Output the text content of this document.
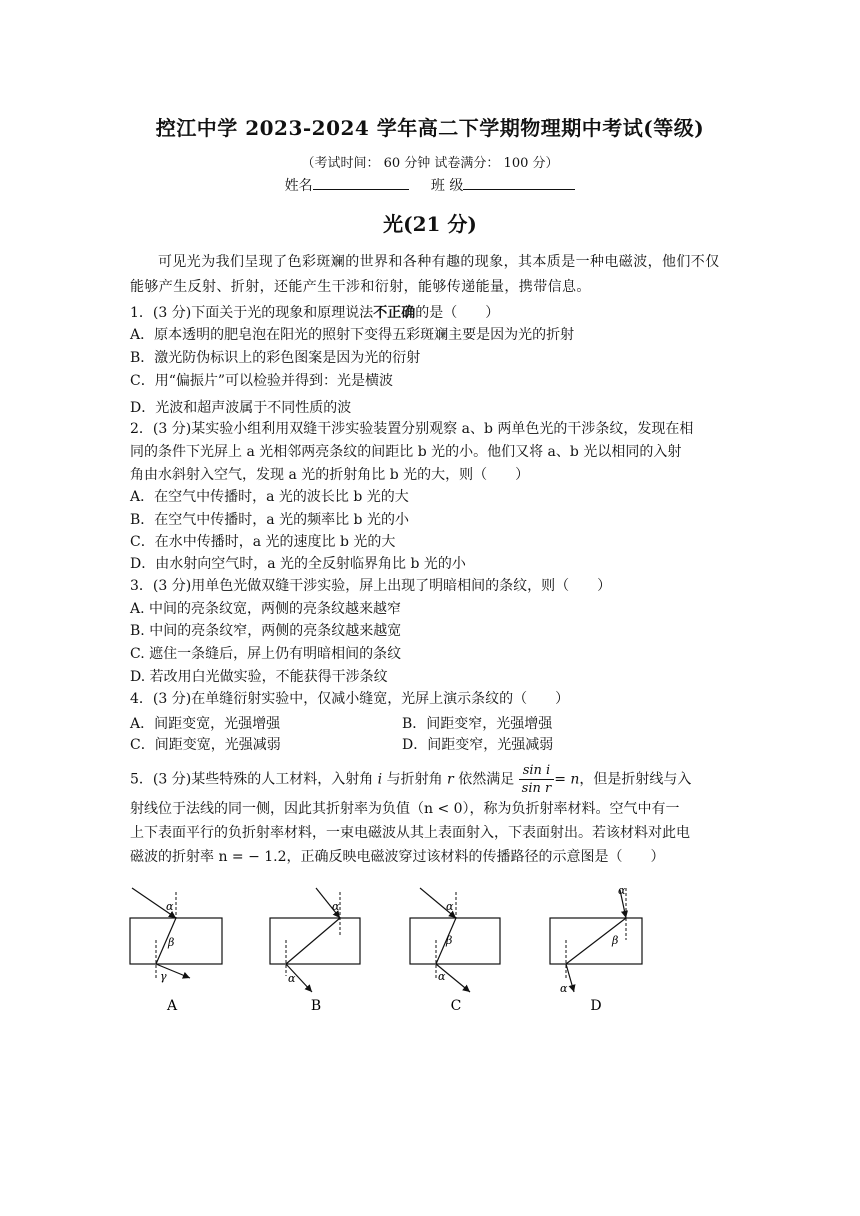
控江中学 2023-2024 学年高二下学期物理期中考试(等级)
（考试时间： 60 分钟 试卷满分： 100 分）
姓名	班 级
光(21 分)
可见光为我们呈现了色彩斑斓的世界和各种有趣的现象，其本质是一种电磁波，他们不仅能够产生反射、折射，还能产生干涉和衍射，能够传递能量，携带信息。
1．(3 分)下面关于光的现象和原理说法不正确的是（　　）
A．原本透明的肥皂泡在阳光的照射下变得五彩斑斓主要是因为光的折射
B．激光防伪标识上的彩色图案是因为光的衍射
C．用“偏振片”可以检验并得到：光是横波
D．光波和超声波属于不同性质的波
2．(3 分)某实验小组利用双缝干涉实验装置分别观察 a、b 两单色光的干涉条纹，发现在相
同的条件下光屏上 a 光相邻两亮条纹的间距比 b 光的小。他们又将 a、b 光以相同的入射
角由水斜射入空气，发现 a 光的折射角比 b 光的大，则（　　）
A．在空气中传播时，a 光的波长比 b 光的大
B．在空气中传播时，a 光的频率比 b 光的小
C．在水中传播时，a 光的速度比 b 光的大
D．由水射向空气时，a 光的全反射临界角比 b 光的小
3．(3 分)用单色光做双缝干涉实验，屏上出现了明暗相间的条纹，则（　　）
A. 中间的亮条纹宽，两侧的亮条纹越来越窄
B. 中间的亮条纹窄，两侧的亮条纹越来越宽
C. 遮住一条缝后，屏上仍有明暗相间的条纹
D. 若改用白光做实验，不能获得干涉条纹
4．(3 分)在单缝衍射实验中，仅减小缝宽，光屏上演示条纹的（　　）
A．间距变宽，光强增强	B．间距变窄，光强增强
C．间距变宽，光强减弱	D．间距变窄，光强减弱
5．(3 分)某些特殊的人工材料，入射角 i 与折射角 r 依然满足 $\frac{\text{sin i}}{\text{sin r}} = n$，但是折射线与入
射线位于法线的同一侧，因此其折射率为负值（n < 0），称为负折射率材料。空气中有一
上下表面平行的负折射率材料，一束电磁波从其上表面射入，下表面射出。若该材料对此电
磁波的折射率 n = − 1.2，正确反映电磁波穿过该材料的传播路径的示意图是（　　）
α
β
γ
A
α
α
B
α
β
α
C
α
β
α
D
